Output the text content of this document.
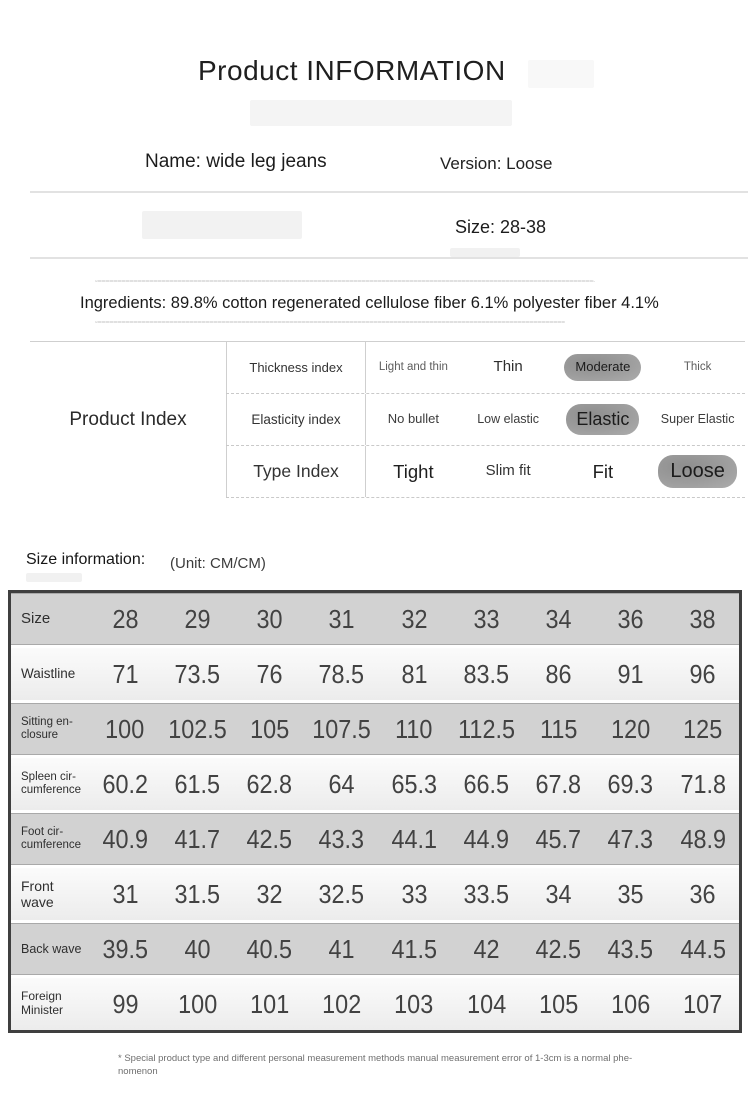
Product INFORMATION
Name: wide leg jeans	Version: Loose
Size: 28-38
Ingredients: 89.8% cotton regenerated cellulose fiber 6.1% polyester fiber 4.1%
Product Index
Thickness index	Light and thin	Thin	Moderate	Thick
Elasticity index	No bullet	Low elastic	Elastic	Super Elastic
Type Index	Tight	Slim fit	Fit	Loose
Size information: (Unit: CM/CM)
Size	28 29 30 31 32 33 34 36 38
Waistline	71 73.5 76 78.5 81 83.5 86 91 96
Sitting en-closure	100 102.5 105 107.5 110 112.5 115 120 125
Spleen cir-cumference 60.2 61.5 62.8 64 65.3 66.5 67.8 69.3 71.8
Foot cir-cumference 40.9 41.7 42.5 43.3 44.1 44.9 45.7 47.3 48.9
Front wave	31 31.5 32 32.5 33 33.5 34 35 36
Back wave 39.5 40 40.5 41 41.5 42 42.5 43.5 44.5
Foreign Minister	99 100 101 102 103 104 105 106 107
* Special product type and different personal measurement methods manual measurement error of 1-3cm is a normal phe-
nomenon
